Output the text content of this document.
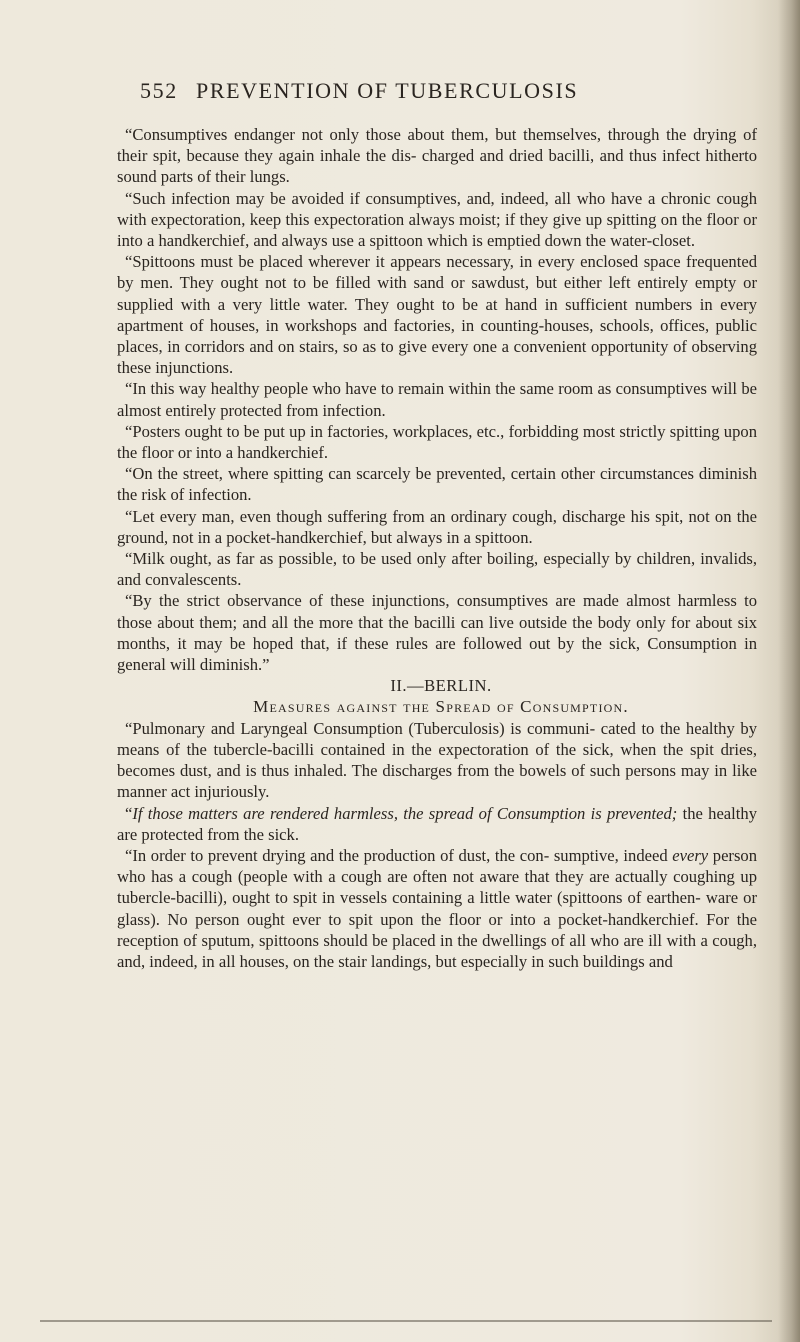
552 PREVENTION OF TUBERCULOSIS

“Consumptives endanger not only those about them, but themselves, through the drying of their spit, because they again inhale the dis- charged and dried bacilli, and thus infect hitherto sound parts of their lungs.

“Such infection may be avoided if consumptives, and, indeed, all who have a chronic cough with expectoration, keep this expectoration always moist; if they give up spitting on the floor or into a handkerchief, and always use a spittoon which is emptied down the water-closet.

“Spittoons must be placed wherever it appears necessary, in every enclosed space frequented by men. They ought not to be filled with sand or sawdust, but either left entirely empty or supplied with a very little water. They ought to be at hand in sufficient numbers in every apartment of houses, in workshops and factories, in counting-houses, schools, offices, public places, in corridors and on stairs, so as to give every one a convenient opportunity of observing these injunctions.

“In this way healthy people who have to remain within the same room as consumptives will be almost entirely protected from infection.

“Posters ought to be put up in factories, workplaces, etc., forbidding most strictly spitting upon the floor or into a handkerchief.

“On the street, where spitting can scarcely be prevented, certain other circumstances diminish the risk of infection.

“Let every man, even though suffering from an ordinary cough, discharge his spit, not on the ground, not in a pocket-handkerchief, but always in a spittoon.

“Milk ought, as far as possible, to be used only after boiling, especially by children, invalids, and convalescents.

“By the strict observance of these injunctions, consumptives are made almost harmless to those about them; and all the more that the bacilli can live outside the body only for about six months, it may be hoped that, if these rules are followed out by the sick, Consumption in general will diminish.”

II.—BERLIN.

Measures against the Spread of Consumption.

“Pulmonary and Laryngeal Consumption (Tuberculosis) is communi- cated to the healthy by means of the tubercle-bacilli contained in the expectoration of the sick, when the spit dries, becomes dust, and is thus inhaled. The discharges from the bowels of such persons may in like manner act injuriously.

“If those matters are rendered harmless, the spread of Consumption is prevented; the healthy are protected from the sick.

“In order to prevent drying and the production of dust, the con- sumptive, indeed every person who has a cough (people with a cough are often not aware that they are actually coughing up tubercle-bacilli), ought to spit in vessels containing a little water (spittoons of earthen- ware or glass). No person ought ever to spit upon the floor or into a pocket-handkerchief. For the reception of sputum, spittoons should be placed in the dwellings of all who are ill with a cough, and, indeed, in all houses, on the stair landings, but especially in such buildings and
